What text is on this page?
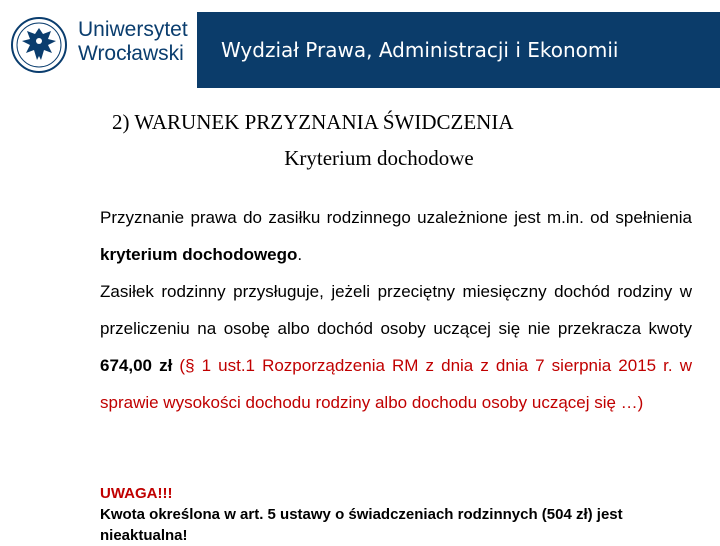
Uniwersytet
Wrocławski Wydział Prawa, Administracji i Ekonomii
2) WARUNEK PRZYZNANIA ŚWIDCZENIA
Kryterium dochodowe
Przyznanie prawa do zasiłku rodzinnego uzależnione jest m.in. od spełnienia kryterium dochodowego.
Zasiłek rodzinny przysługuje, jeżeli przeciętny miesięczny dochód rodziny w przeliczeniu na osobę albo dochód osoby uczącej się nie przekracza kwoty 674,00 zł (§ 1 ust.1 Rozporządzenia RM z dnia z dnia 7 sierpnia 2015 r. w sprawie wysokości dochodu rodziny albo dochodu osoby uczącej się …)
UWAGA!!!
Kwota określona w art. 5 ustawy o świadczeniach rodzinnych (504 zł) jest nieaktualna!
